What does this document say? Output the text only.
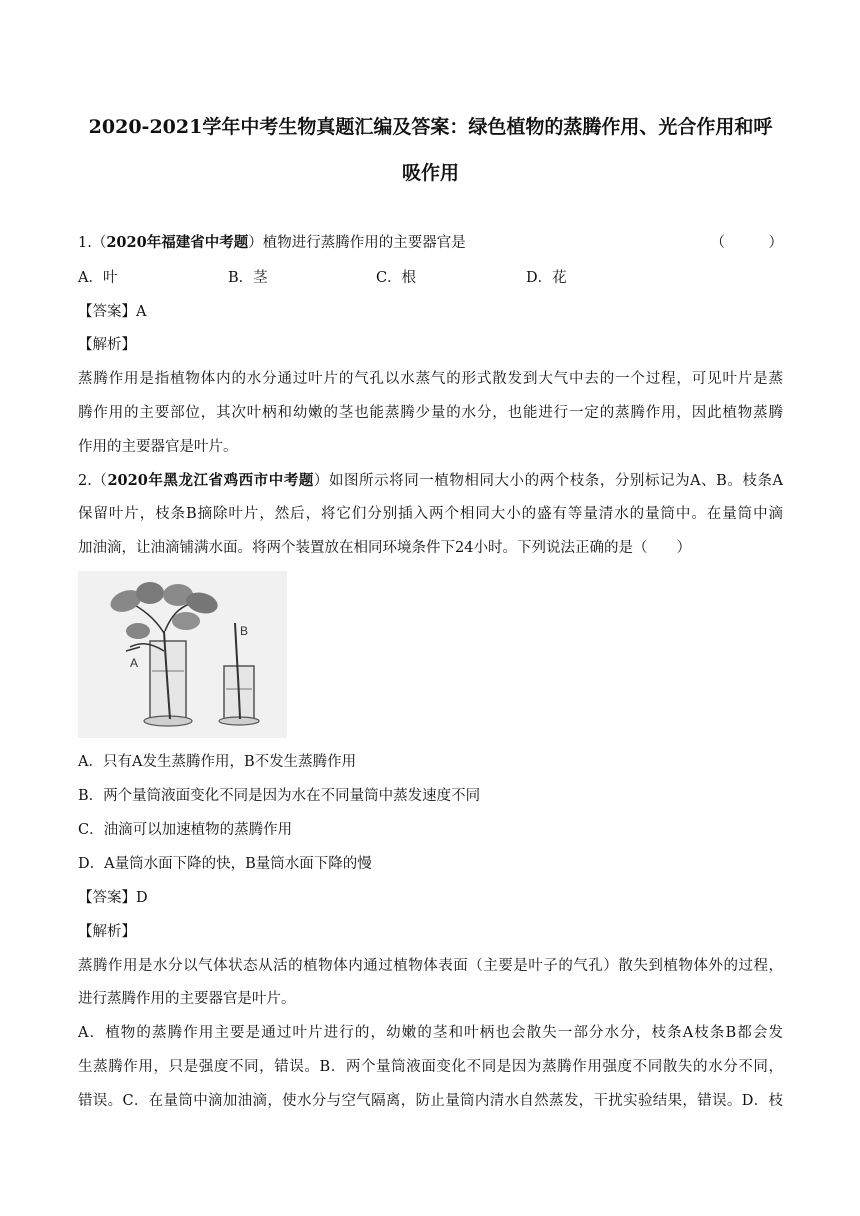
2020-2021学年中考生物真题汇编及答案：绿色植物的蒸腾作用、光合作用和呼
吸作用
1.（2020年福建省中考题）植物进行蒸腾作用的主要器官是	（　　　）
A．叶	B．茎	C．根	D．花
【答案】A
【解析】
蒸腾作用是指植物体内的水分通过叶片的气孔以水蒸气的形式散发到大气中去的一个过程，可见叶片是蒸
腾作用的主要部位，其次叶柄和幼嫩的茎也能蒸腾少量的水分，也能进行一定的蒸腾作用，因此植物蒸腾
作用的主要器官是叶片。
2.（2020年黑龙江省鸡西市中考题）如图所示将同一植物相同大小的两个枝条，分别标记为A、B。枝条A
保留叶片，枝条B摘除叶片，然后，将它们分别插入两个相同大小的盛有等量清水的量筒中。在量筒中滴
加油滴，让油滴铺满水面。将两个装置放在相同环境条件下24小时。下列说法正确的是（　　）
A
B
A．只有A发生蒸腾作用，B不发生蒸腾作用
B．两个量筒液面变化不同是因为水在不同量筒中蒸发速度不同
C．油滴可以加速植物的蒸腾作用
D．A量筒水面下降的快，B量筒水面下降的慢
【答案】D
【解析】
蒸腾作用是水分以气体状态从活的植物体内通过植物体表面（主要是叶子的气孔）散失到植物体外的过程，
进行蒸腾作用的主要器官是叶片。
A．植物的蒸腾作用主要是通过叶片进行的，幼嫩的茎和叶柄也会散失一部分水分，枝条A枝条B都会发
生蒸腾作用，只是强度不同，错误。B．两个量筒液面变化不同是因为蒸腾作用强度不同散失的水分不同，
错误。C．在量筒中滴加油滴，使水分与空气隔离，防止量筒内清水自然蒸发，干扰实验结果，错误。D．枝
